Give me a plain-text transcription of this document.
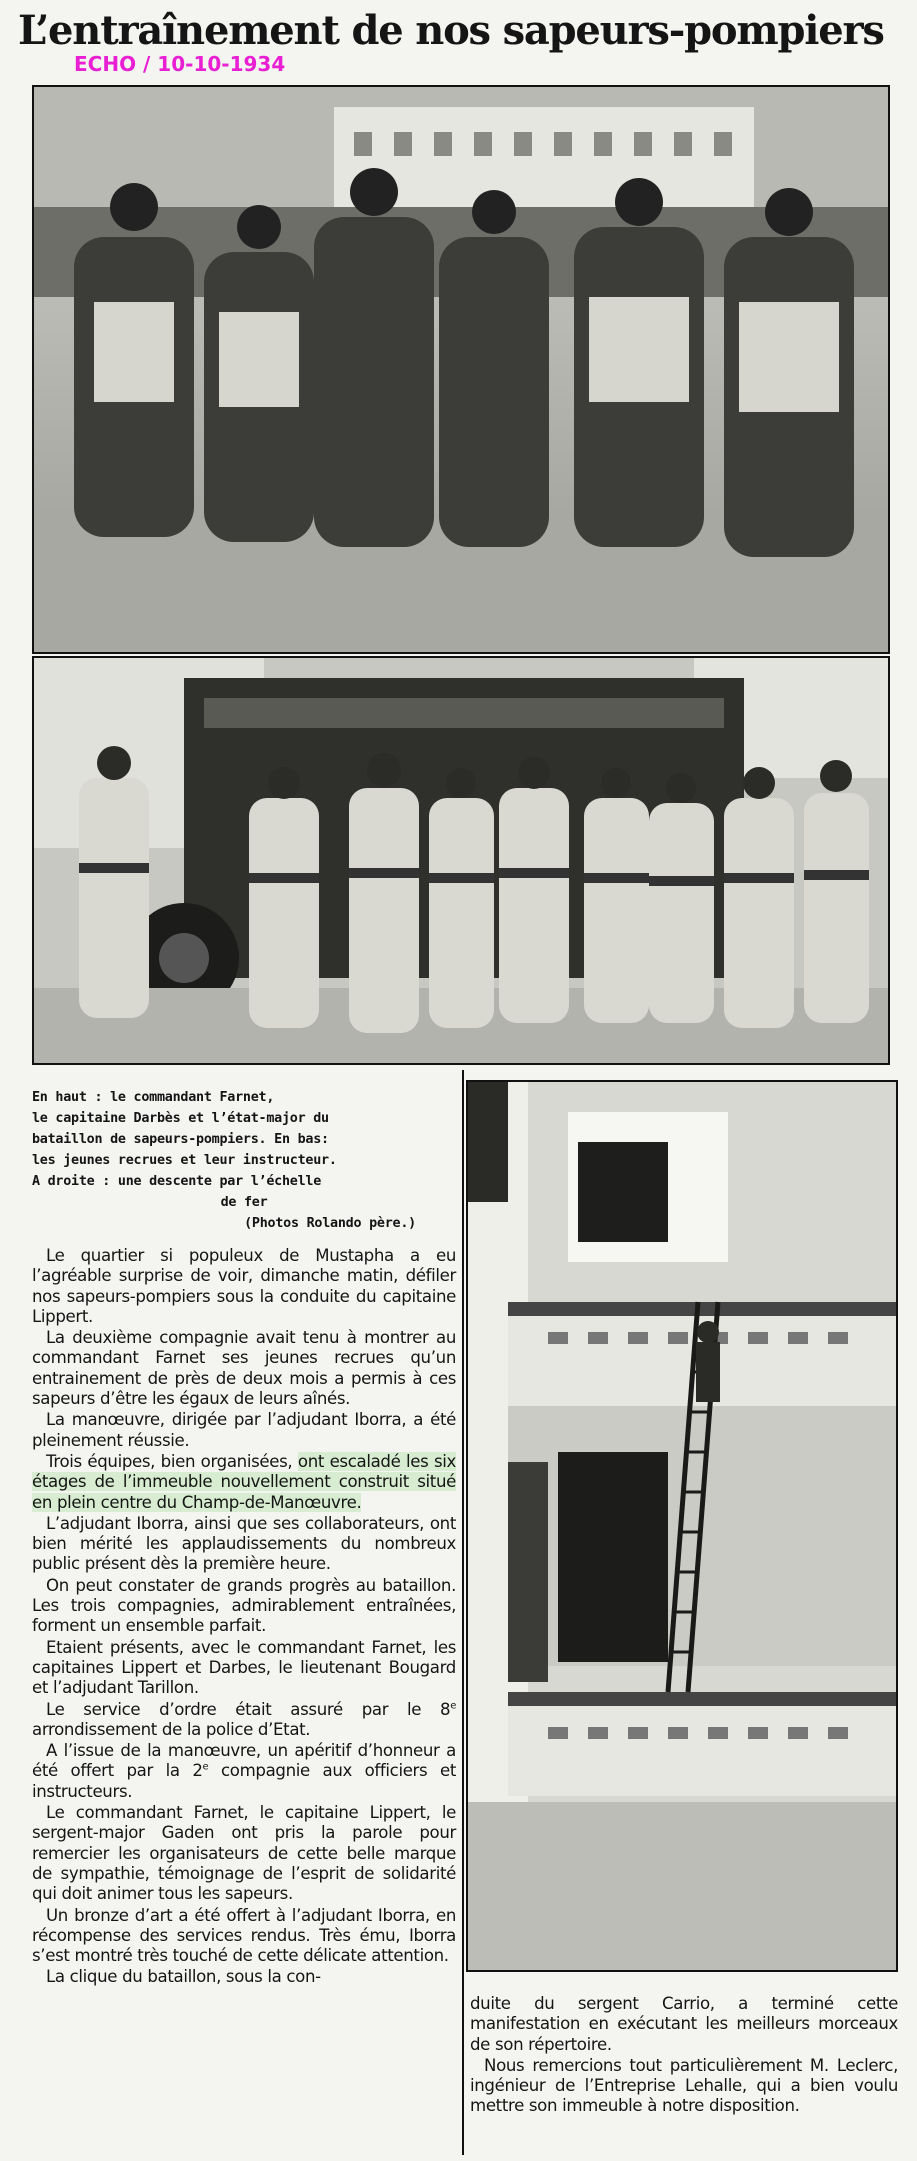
L’entraînement de nos sapeurs-pompiers
ECHO / 10-10-1934
En haut : le commandant Farnet,
le capitaine Darbès et l’état-major du
bataillon de sapeurs-pompiers. En bas:
les jeunes recrues et leur instructeur.
A droite : une descente par l’échelle
de fer
(Photos Rolando père.)

Le quartier si populeux de Mustapha a eu l’agréable surprise de voir, dimanche matin, défiler nos sapeurs-pompiers sous la conduite du capitaine Lippert.

La deuxième compagnie avait tenu à montrer au commandant Farnet ses jeunes recrues qu’un entrainement de près de deux mois a permis à ces sapeurs d’être les égaux de leurs aînés.

La manœuvre, dirigée par l’adjudant Iborra, a été pleinement réussie.

Trois équipes, bien organisées, ont escaladé les six étages de l’immeuble nouvellement construit situé en plein centre du Champ-de-Manœuvre.

L’adjudant Iborra, ainsi que ses collaborateurs, ont bien mérité les applaudissements du nombreux public présent dès la première heure.

On peut constater de grands progrès au bataillon. Les trois compagnies, admirablement entraînées, forment un ensemble parfait.

Etaient présents, avec le commandant Farnet, les capitaines Lippert et Darbes, le lieutenant Bougard et l’adjudant Tarillon.

Le service d’ordre était assuré par le 8e arrondissement de la police d’Etat.

A l’issue de la manœuvre, un apéritif d’honneur a été offert par la 2e compagnie aux officiers et instructeurs.

Le commandant Farnet, le capitaine Lippert, le sergent-major Gaden ont pris la parole pour remercier les organisateurs de cette belle marque de sympathie, témoignage de l’esprit de solidarité qui doit animer tous les sapeurs.

Un bronze d’art a été offert à l’adjudant Iborra, en récompense des services rendus. Très ému, Iborra s’est montré très touché de cette délicate attention.

La clique du bataillon, sous la con-

duite du sergent Carrio, a terminé cette manifestation en exécutant les meilleurs morceaux de son répertoire.

Nous remercions tout particulièrement M. Leclerc, ingénieur de l’Entreprise Lehalle, qui a bien voulu mettre son immeuble à notre disposition.
